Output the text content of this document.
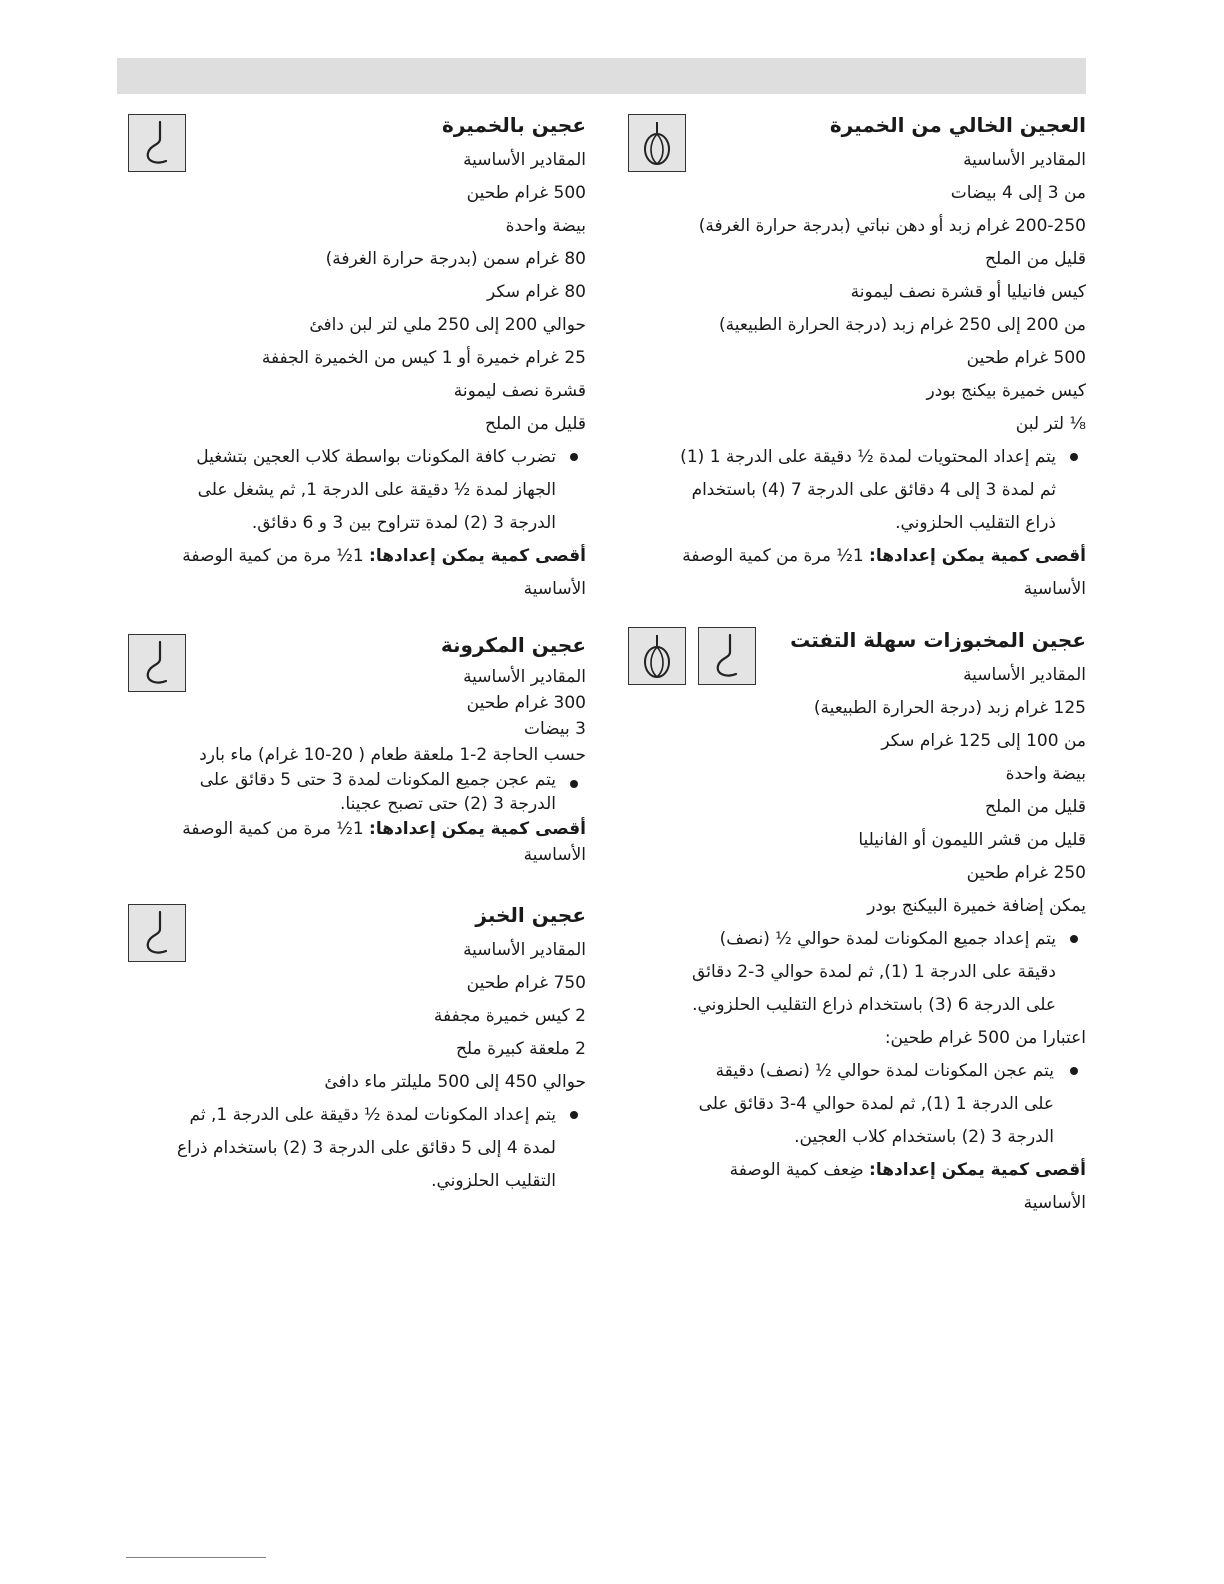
العجين الخالي من الخميرة

المقادير الأساسية

من 3 إلى 4 بيضات

200-250 غرام زبد أو دهن نباتي (بدرجة حرارة الغرفة)

قليل من الملح

كيس فانيليا أو قشرة نصف ليمونة

من 200 إلى 250 غرام زبد (درجة الحرارة الطبيعية)

500 غرام طحين

كيس خميرة بيكنج بودر

⅛ لتر لبن

يتم إعداد المحتويات لمدة ½ دقيقة على الدرجة 1 (1)

ثم لمدة 3 إلى 4 دقائق على الدرجة 7 (4) باستخدام

ذراع التقليب الحلزوني.

أقصى كمية يمكن إعدادها: 1½ مرة من كمية الوصفة

الأساسية

عجين المخبوزات سهلة التفتت

المقادير الأساسية

125 غرام زبد (درجة الحرارة الطبيعية)

من 100 إلى 125 غرام سكر

بيضة واحدة

قليل من الملح

قليل من قشر الليمون أو الفانيليا

250 غرام طحين

يمكن إضافة خميرة البيكنج بودر

يتم إعداد جميع المكونات لمدة حوالي ½ (نصف)

دقيقة على الدرجة 1 (1), ثم لمدة حوالي 3-2 دقائق

على الدرجة 6 (3) باستخدام ذراع التقليب الحلزوني.

اعتبارا من 500 غرام طحين:

يتم عجن المكونات لمدة حوالي ½ (نصف) دقيقة

على الدرجة 1 (1), ثم لمدة حوالي 4-3 دقائق على

الدرجة 3 (2) باستخدام كلاب العجين.

أقصى كمية يمكن إعدادها: ضِعف كمية الوصفة

الأساسية

عجين بالخميرة

المقادير الأساسية

500 غرام طحين

بيضة واحدة

80 غرام سمن (بدرجة حرارة الغرفة)

80 غرام سكر

حوالي 200 إلى 250 ملي لتر لبن دافئ

25 غرام خميرة أو 1 كيس من الخميرة الجففة

قشرة نصف ليمونة

قليل من الملح

تضرب كافة المكونات بواسطة كلاب العجين بتشغيل

الجهاز لمدة ½ دقيقة على الدرجة 1, ثم يشغل على

الدرجة 3 (2) لمدة تتراوح بين 3 و 6 دقائق.

أقصى كمية يمكن إعدادها: 1½ مرة من كمية الوصفة

الأساسية

عجين المكرونة

المقادير الأساسية

300 غرام طحين

3 بيضات

حسب الحاجة 2-1 ملعقة طعام ( 20-10 غرام) ماء بارد

يتم عجن جميع المكونات لمدة 3 حتى 5 دقائق على

الدرجة 3 (2) حتى تصبح عجينا.

أقصى كمية يمكن إعدادها: 1½ مرة من كمية الوصفة

الأساسية

عجين الخبز

المقادير الأساسية

750 غرام طحين

2 كيس خميرة مجففة

2 ملعقة كبيرة ملح

حوالي 450 إلى 500 مليلتر ماء دافئ

يتم إعداد المكونات لمدة ½ دقيقة على الدرجة 1, ثم

لمدة 4 إلى 5 دقائق على الدرجة 3 (2) باستخدام ذراع

التقليب الحلزوني.
